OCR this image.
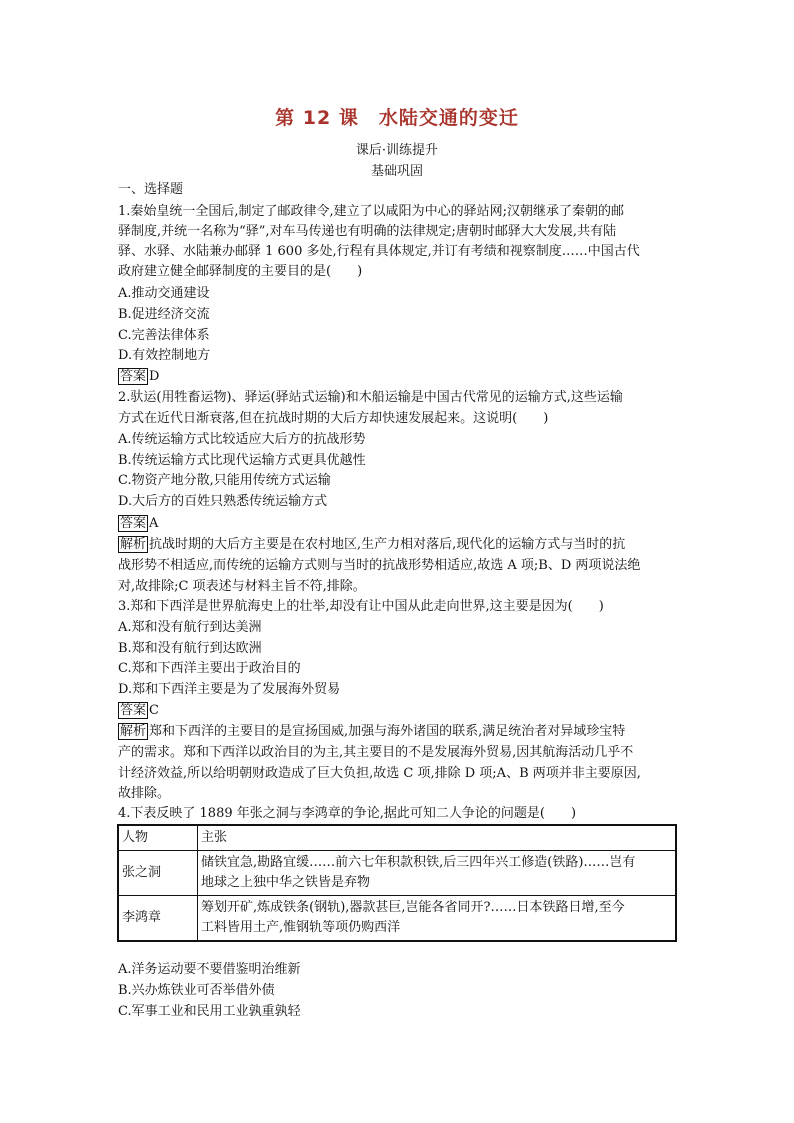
第 12 课　水陆交通的变迁
课后·训练提升
基础巩固
一、选择题
1.秦始皇统一全国后,制定了邮政律令,建立了以咸阳为中心的驿站网;汉朝继承了秦朝的邮
驿制度,并统一名称为“驿”,对车马传递也有明确的法律规定;唐朝时邮驿大大发展,共有陆
驿、水驿、水陆兼办邮驿 1 600 多处,行程有具体规定,并订有考绩和视察制度……中国古代
政府建立健全邮驿制度的主要目的是(　　)
A.推动交通建设
B.促进经济交流
C.完善法律体系
D.有效控制地方
答案 D
2.驮运(用牲畜运物)、驿运(驿站式运输)和木船运输是中国古代常见的运输方式,这些运输
方式在近代日渐衰落,但在抗战时期的大后方却快速发展起来。这说明(　　)
A.传统运输方式比较适应大后方的抗战形势
B.传统运输方式比现代运输方式更具优越性
C.物资产地分散,只能用传统方式运输
D.大后方的百姓只熟悉传统运输方式
答案 A
解析 抗战时期的大后方主要是在农村地区,生产力相对落后,现代化的运输方式与当时的抗
战形势不相适应,而传统的运输方式则与当时的抗战形势相适应,故选 A 项;B、D 两项说法绝
对,故排除;C 项表述与材料主旨不符,排除。
3.郑和下西洋是世界航海史上的壮举,却没有让中国从此走向世界,这主要是因为(　　)
A.郑和没有航行到达美洲
B.郑和没有航行到达欧洲
C.郑和下西洋主要出于政治目的
D.郑和下西洋主要是为了发展海外贸易
答案 C
解析 郑和下西洋的主要目的是宣扬国威,加强与海外诸国的联系,满足统治者对异域珍宝特
产的需求。郑和下西洋以政治目的为主,其主要目的不是发展海外贸易,因其航海活动几乎不
计经济效益,所以给明朝财政造成了巨大负担,故选 C 项,排除 D 项;A、B 两项并非主要原因,
故排除。
4.下表反映了 1889 年张之洞与李鸿章的争论,据此可知二人争论的问题是(　　)
人物	主张
张之洞	储铁宜急,勘路宜缓……前六七年积款积铁,后三四年兴工修造(铁路)……岂有
地球之上独中华之铁皆是弃物

李鸿章	筹划开矿,炼成铁条(钢轨),器款甚巨,岂能各省同开?……日本铁路日增,至今
工料皆用土产,惟钢轨等项仍购西洋
A.洋务运动要不要借鉴明治维新
B.兴办炼铁业可否举借外债
C.军事工业和民用工业孰重孰轻
